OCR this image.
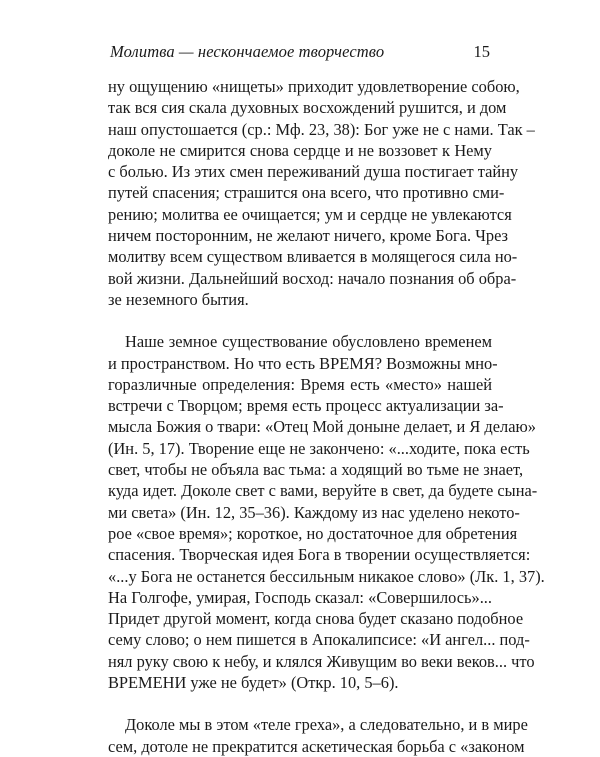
Молитва — нескончаемое творчество	15
ну ощущению «нищеты» приходит удовлетворение собою,
так вся сия скала духовных восхождений рушится, и дом
наш опустошается (ср.: Мф. 23, 38): Бог уже не с нами. Так –
доколе не смирится снова сердце и не воззовет к Нему
с болью. Из этих смен переживаний душа постигает тайну
путей спасения; страшится она всего, что противно сми-
рению; молитва ее очищается; ум и сердце не увлекаются
ничем посторонним, не желают ничего, кроме Бога. Чрез
молитву всем существом вливается в молящегося сила но-
вой жизни. Дальнейший восход: начало познания об обра-
зе неземного бытия.
Наше земное существование обусловлено временем
и пространством. Но что есть ВРЕМЯ? Возможны мно-
горазличные определения: Время есть «место» нашей
встречи с Творцом; время есть процесс актуализации за-
мысла Божия о твари: «Отец Мой доныне делает, и Я делаю»
(Ин. 5, 17). Творение еще не закончено: «...ходите, пока есть
свет, чтобы не объяла вас тьма: а ходящий во тьме не знает,
куда идет. Доколе свет с вами, веруйте в свет, да будете сына-
ми света» (Ин. 12, 35–36). Каждому из нас уделено некото-
рое «свое время»; короткое, но достаточное для обретения
спасения. Творческая идея Бога в творении осуществляется:
«...у Бога не останется бессильным никакое слово» (Лк. 1, 37).
На Голгофе, умирая, Господь сказал: «Совершилось»...
Придет другой момент, когда снова будет сказано подобное
сему слово; о нем пишется в Апокалипсисе: «И ангел... под-
нял руку свою к небу, и клялся Живущим во веки веков... что
ВРЕМЕНИ уже не будет» (Откр. 10, 5–6).
Доколе мы в этом «теле греха», а следовательно, и в мире
сем, дотоле не прекратится аскетическая борьба с «законом
